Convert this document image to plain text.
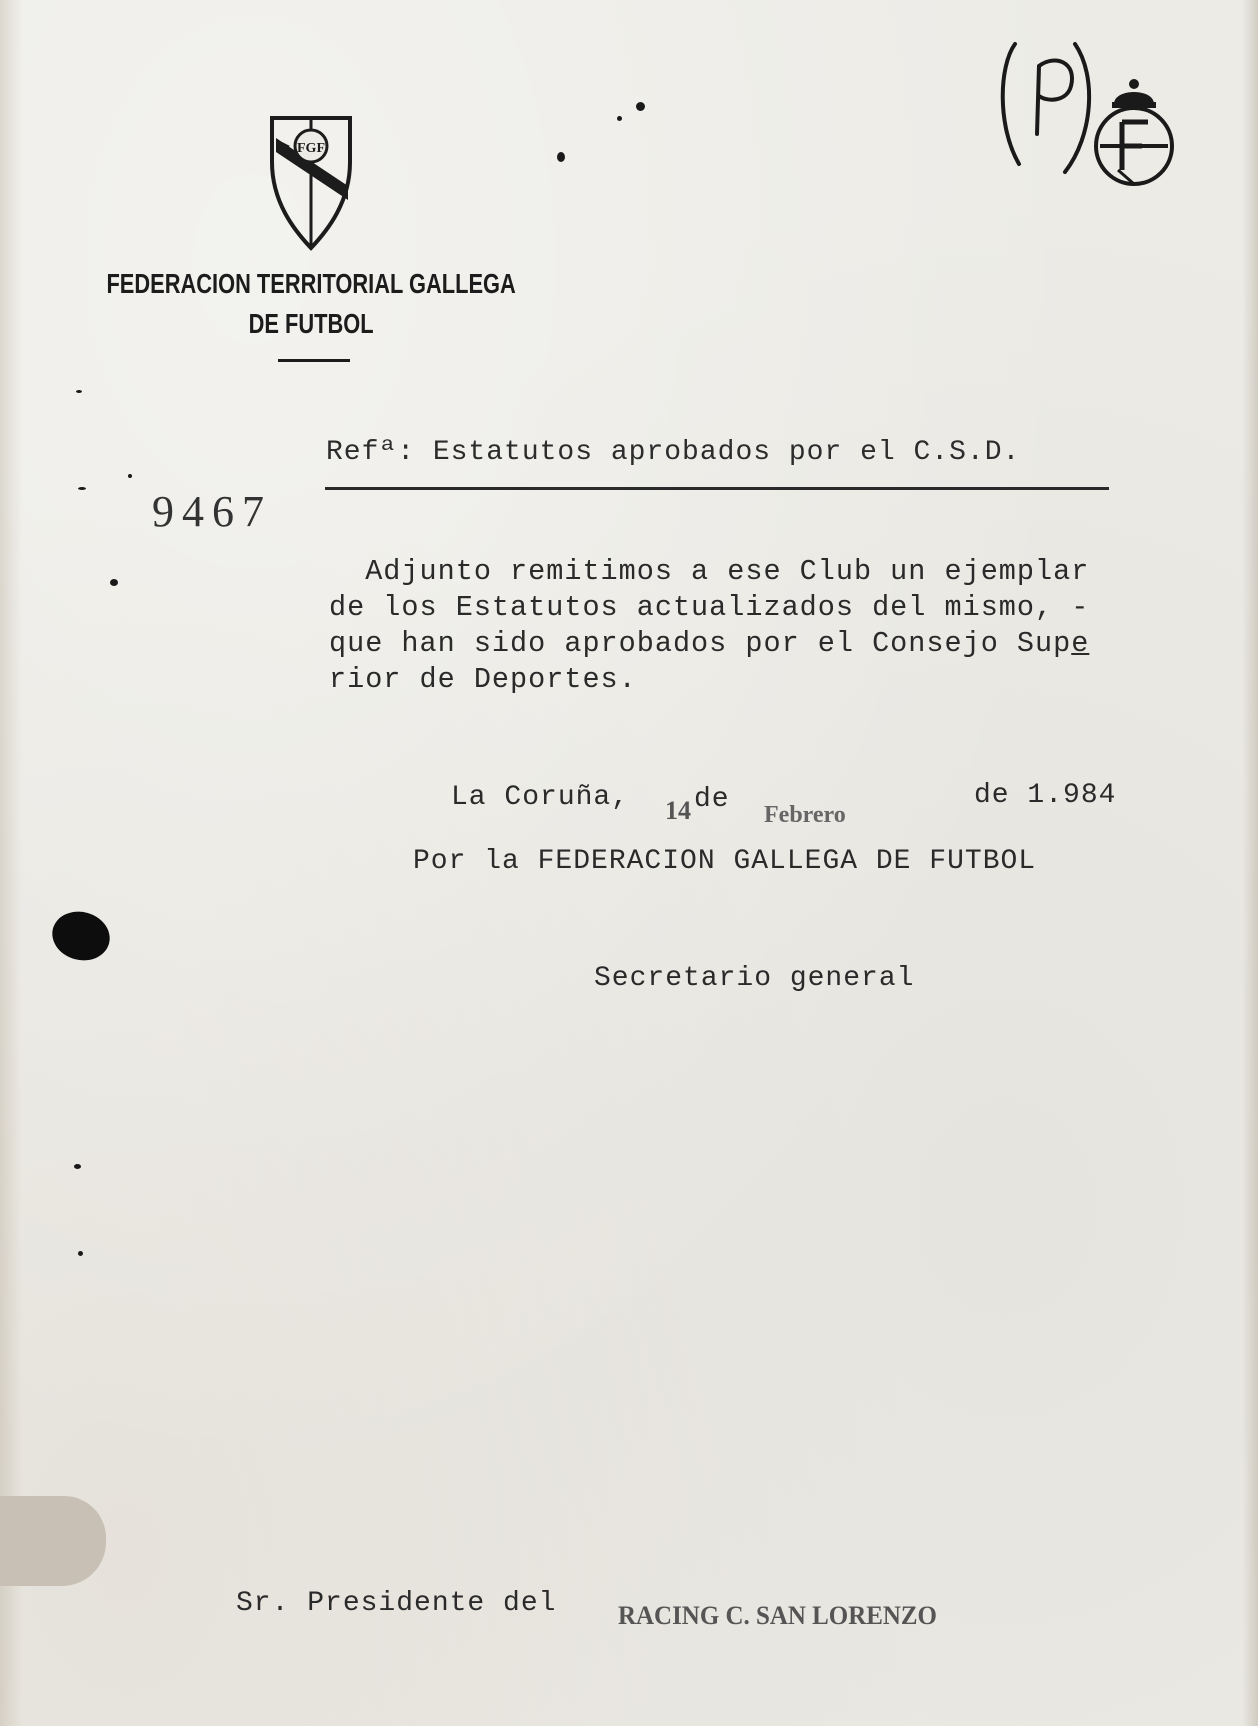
FGF
FEDERACION TERRITORIAL GALLEGA
DE FUTBOL
Refª: Estatutos aprobados por el C.S.D.
9467
Adjunto remitimos a ese Club un ejemplar
de los Estatutos actualizados del mismo, -
que han sido aprobados por el Consejo Supe
rior de Deportes.
La Coruña, 14 de Febrero
de 1.984
Por la FEDERACION GALLEGA DE FUTBOL
Secretario general
Sr. Presidente del RACING C. SAN LORENZO
